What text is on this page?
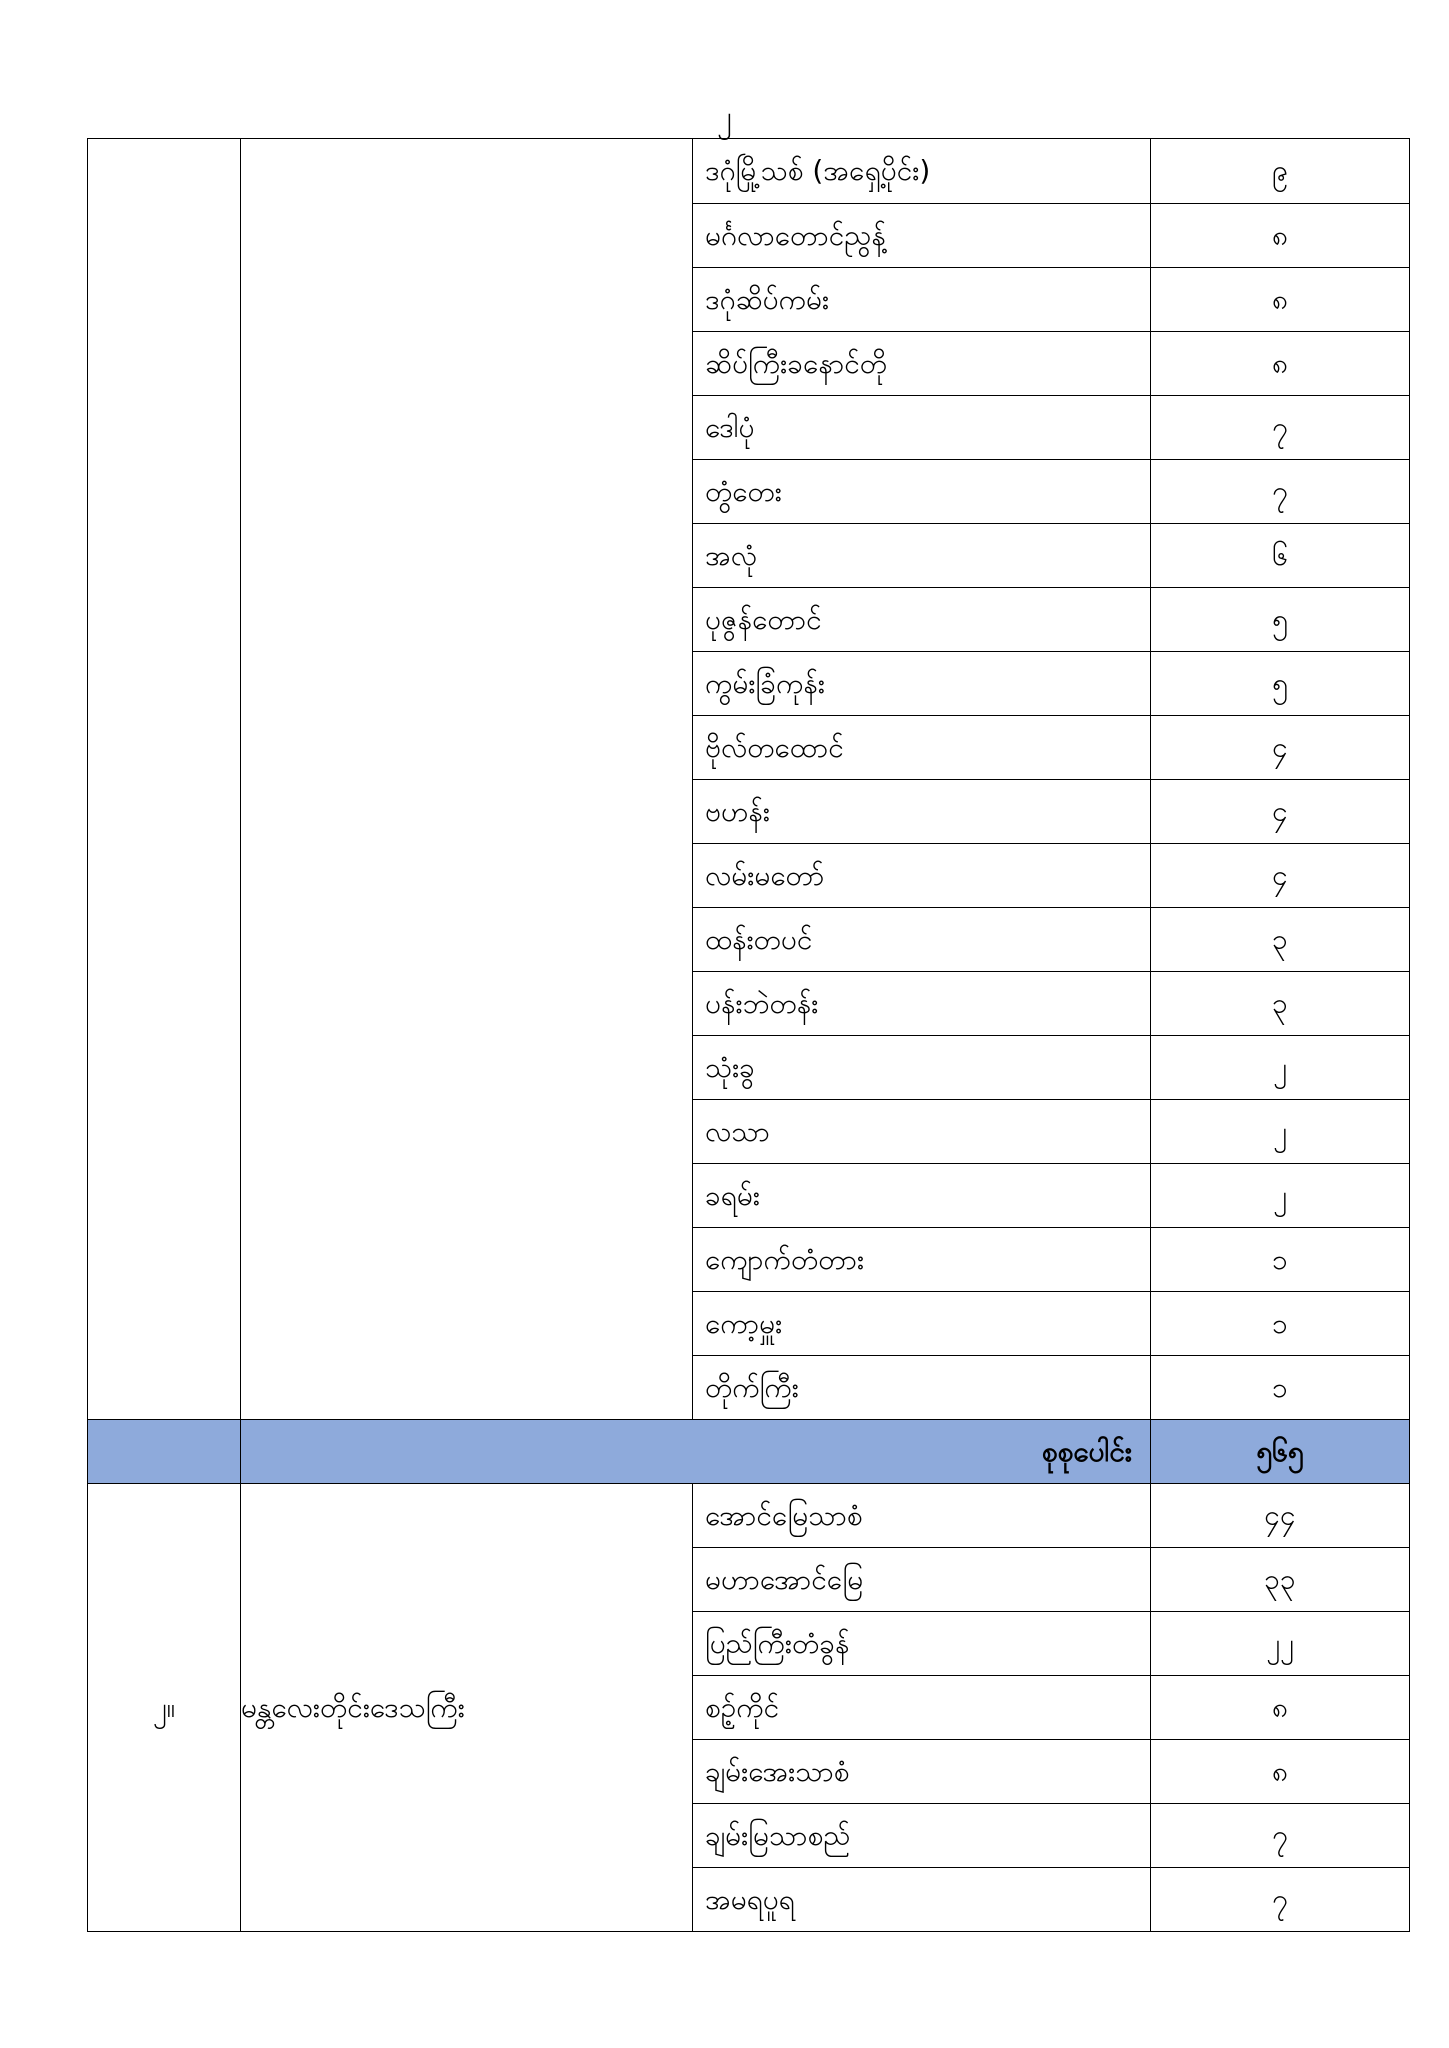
၂
		ဒဂုံမြို့သစ် (အရှေ့ပိုင်း)	၉
		မင်္ဂလာတောင်ညွန့်	၈
		ဒဂုံဆိပ်ကမ်း	၈
		ဆိပ်ကြီးခနောင်တို	၈
		ဒေါပုံ	၇
		တွံတေး	၇
		အလုံ	၆
		ပုဇွန်တောင်	၅
		ကွမ်းခြံကုန်း	၅
		ဗိုလ်တထောင်	၄
		ဗဟန်း	၄
		လမ်းမတော်	၄
		ထန်းတပင်	၃
		ပန်းဘဲတန်း	၃
		သုံးခွ	၂
		လသာ	၂
		ခရမ်း	၂
		ကျောက်တံတား	၁
		ကော့မှူး	၁
		တိုက်ကြီး	၁
	စုစုပေါင်း		၅၆၅
၂။	မန္တလေးတိုင်းဒေသကြီး	အောင်မြေသာစံ	၄၄
		မဟာအောင်မြေ	၃၃
		ပြည်ကြီးတံခွန်	၂၂
		စဉ့်ကိုင်	၈
		ချမ်းအေးသာစံ	၈
		ချမ်းမြသာစည်	၇
		အမရပူရ	၇
